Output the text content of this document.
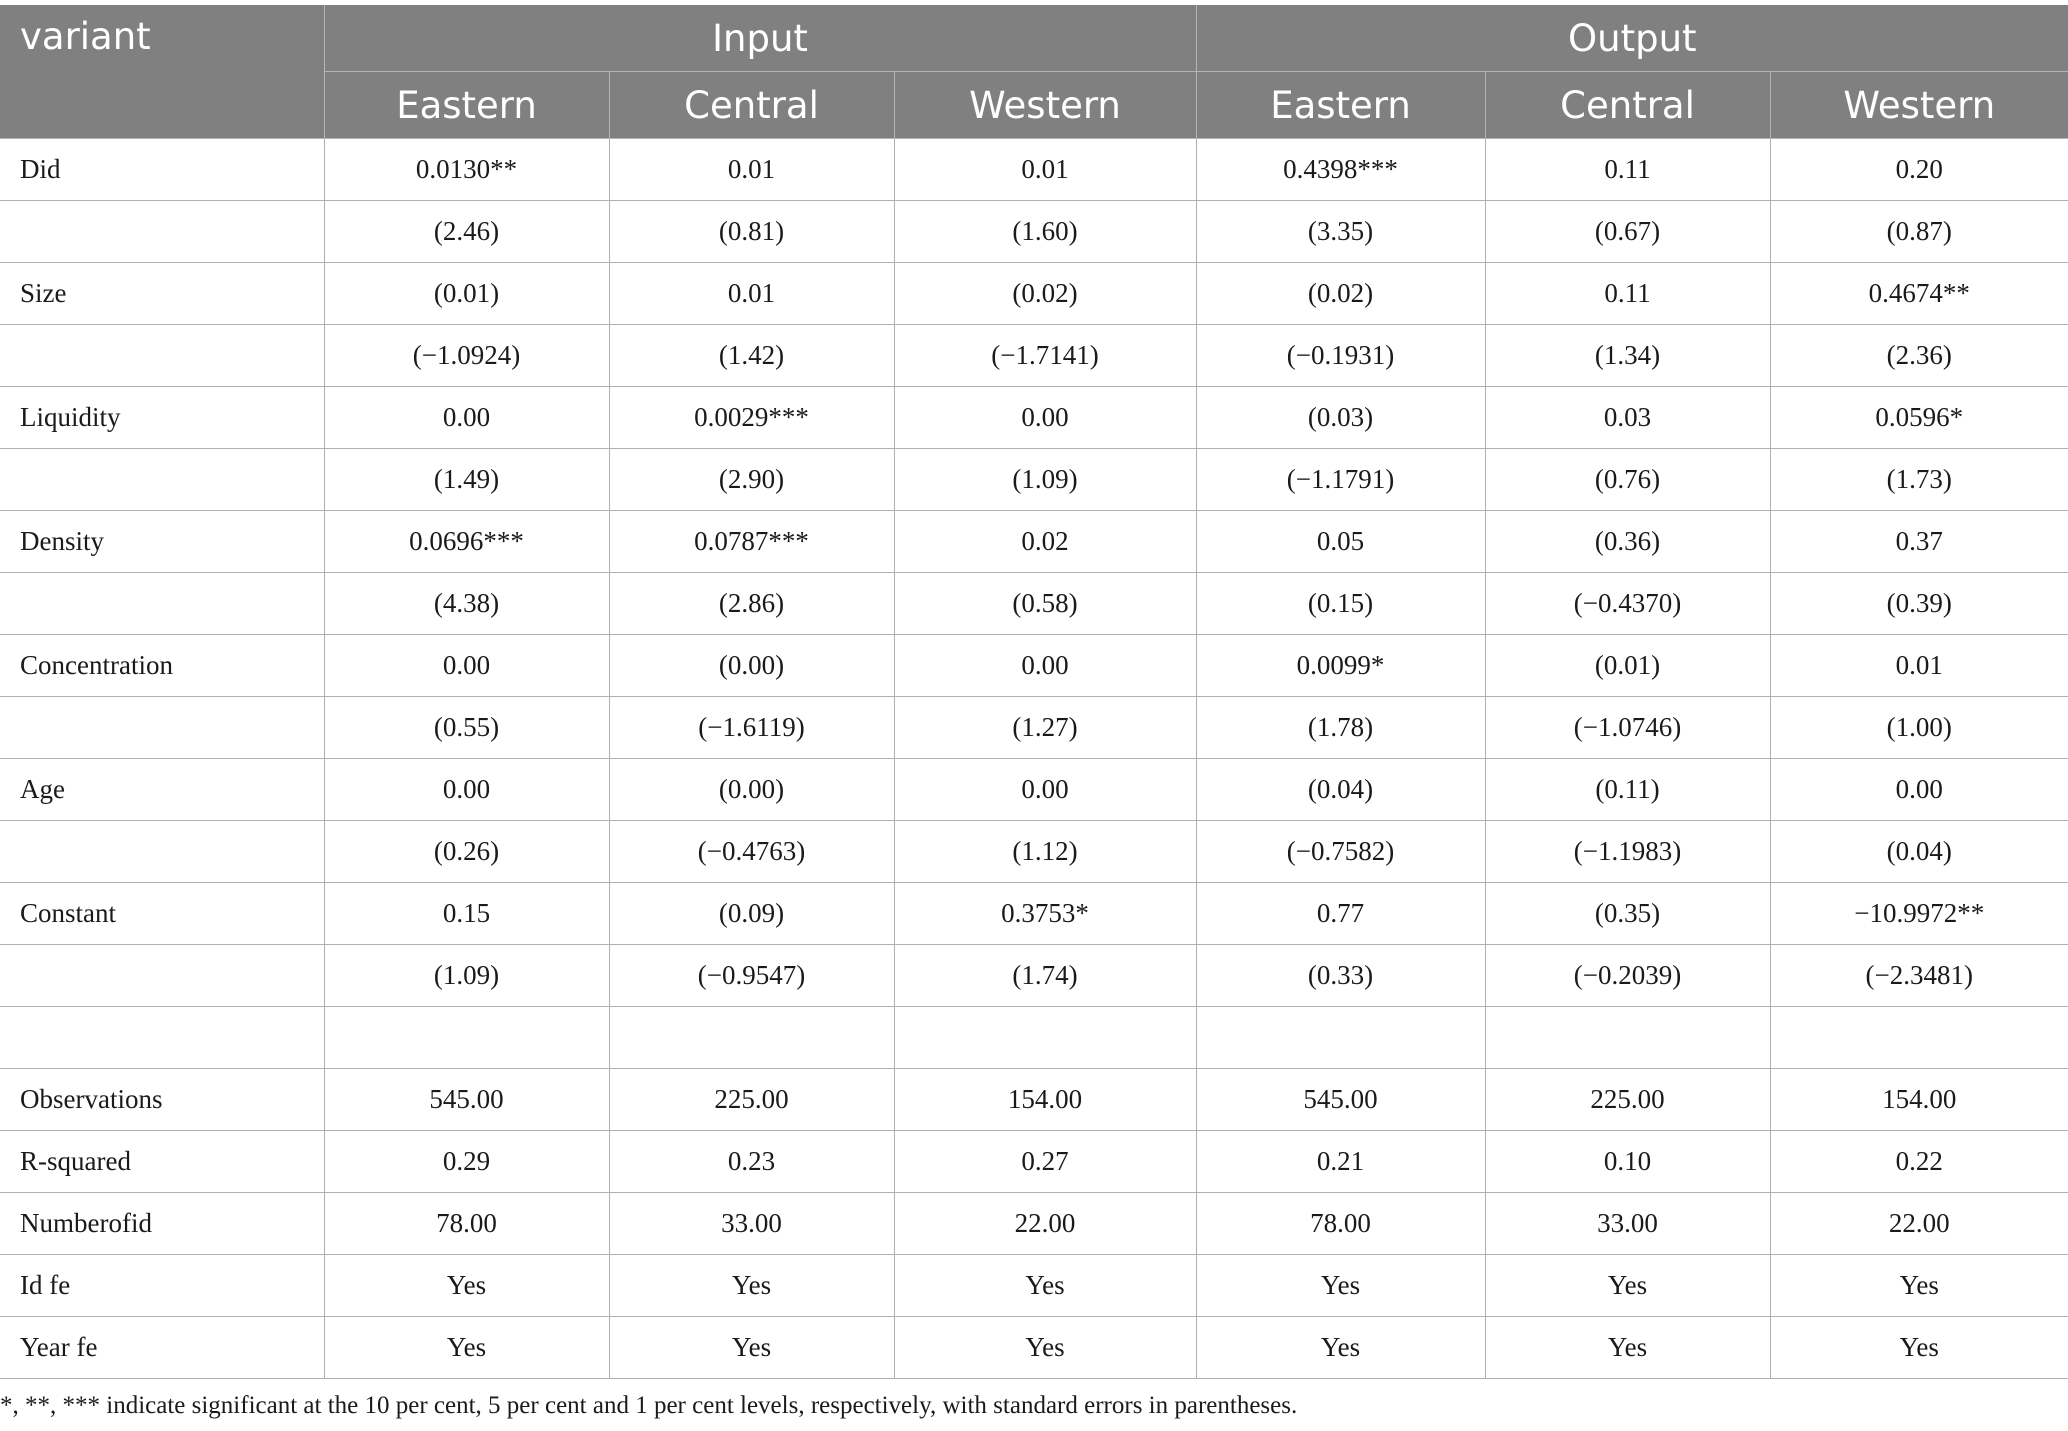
variant	Input			Output		
	Eastern	Central	Western	Eastern	Central	Western
Did	0.0130**	0.01	0.01	0.4398***	0.11	0.20
	(2.46)	(0.81)	(1.60)	(3.35)	(0.67)	(0.87)
Size	(0.01)	0.01	(0.02)	(0.02)	0.11	0.4674**
	(−1.0924)	(1.42)	(−1.7141)	(−0.1931)	(1.34)	(2.36)
Liquidity	0.00	0.0029***	0.00	(0.03)	0.03	0.0596*
	(1.49)	(2.90)	(1.09)	(−1.1791)	(0.76)	(1.73)
Density	0.0696***	0.0787***	0.02	0.05	(0.36)	0.37
	(4.38)	(2.86)	(0.58)	(0.15)	(−0.4370)	(0.39)
Concentration	0.00	(0.00)	0.00	0.0099*	(0.01)	0.01
	(0.55)	(−1.6119)	(1.27)	(1.78)	(−1.0746)	(1.00)
Age	0.00	(0.00)	0.00	(0.04)	(0.11)	0.00
	(0.26)	(−0.4763)	(1.12)	(−0.7582)	(−1.1983)	(0.04)
Constant	0.15	(0.09)	0.3753*	0.77	(0.35)	−10.9972**
	(1.09)	(−0.9547)	(1.74)	(0.33)	(−0.2039)	(−2.3481)

Observations	545.00	225.00	154.00	545.00	225.00	154.00
R-squared	0.29	0.23	0.27	0.21	0.10	0.22
Numberofid	78.00	33.00	22.00	78.00	33.00	22.00
Id fe	Yes	Yes	Yes	Yes	Yes	Yes
Year fe	Yes	Yes	Yes	Yes	Yes	Yes
*, **, *** indicate significant at the 10 per cent, 5 per cent and 1 per cent levels, respectively, with standard errors in parentheses.
